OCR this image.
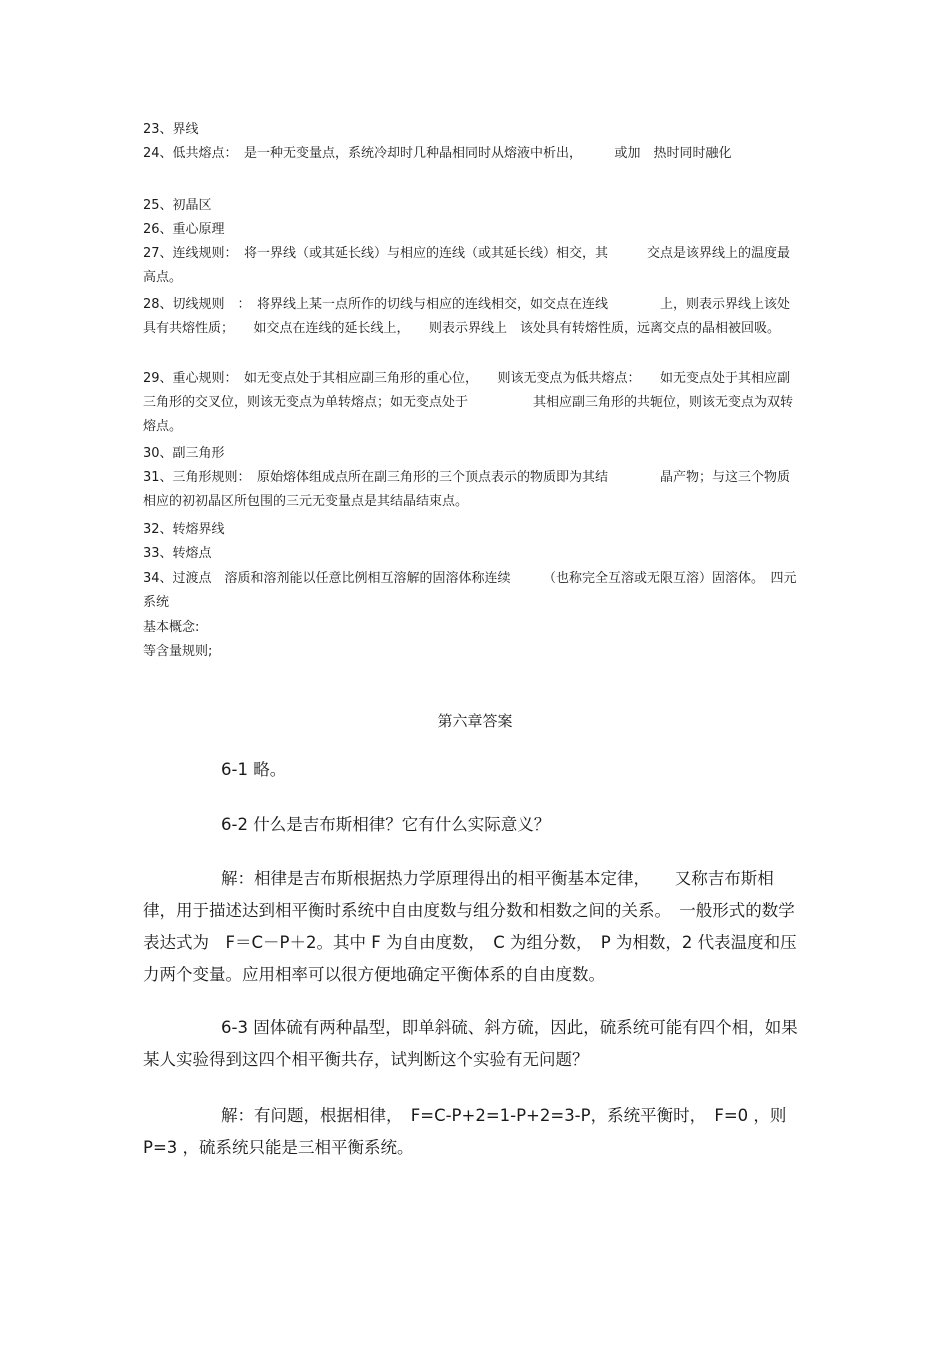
23、界线

24、低共熔点：　是一种无变量点，系统冷却时几种晶相同时从熔液中析出，　　　或加　热时同时融化

25、初晶区

26、重心原理

27、连线规则：　将一界线（或其延长线）与相应的连线（或其延长线）相交，其　　　交点是该界线上的温度最高点。

28、切线规则　：　将界线上某一点所作的切线与相应的连线相交，如交点在连线　　　　上，则表示界线上该处具有共熔性质；　　如交点在连线的延长线上，　　则表示界线上　该处具有转熔性质，远离交点的晶相被回吸。

29、重心规则：　如无变点处于其相应副三角形的重心位，　　则该无变点为低共熔点：　　如无变点处于其相应副三角形的交叉位，则该无变点为单转熔点；如无变点处于　　　　　其相应副三角形的共轭位，则该无变点为双转熔点。

30、副三角形

31、三角形规则：　原始熔体组成点所在副三角形的三个顶点表示的物质即为其结　　　　晶产物；与这三个物质相应的初初晶区所包围的三元无变量点是其结晶结束点。

32、转熔界线

33、转熔点

34、过渡点　溶质和溶剂能以任意比例相互溶解的固溶体称连续　　　（也称完全互溶或无限互溶）固溶体。　四元系统

基本概念:

等含量规则;

第六章答案

6-1 略。

6-2 什么是吉布斯相律？它有什么实际意义？

解：相律是吉布斯根据热力学原理得出的相平衡基本定律，　　又称吉布斯相律，用于描述达到相平衡时系统中自由度数与组分数和相数之间的关系。　一般形式的数学表达式为　F＝C－P＋2。其中 F 为自由度数，　C 为组分数，　P 为相数，2 代表温度和压力两个变量。应用相率可以很方便地确定平衡体系的自由度数。

6-3 固体硫有两种晶型，即单斜硫、斜方硫，因此，硫系统可能有四个相，如果某人实验得到这四个相平衡共存，试判断这个实验有无问题？

解：有问题，根据相律，　F=C-P+2=1-P+2=3-P，系统平衡时，　F=0 ，则 P=3 ，硫系统只能是三相平衡系统。
